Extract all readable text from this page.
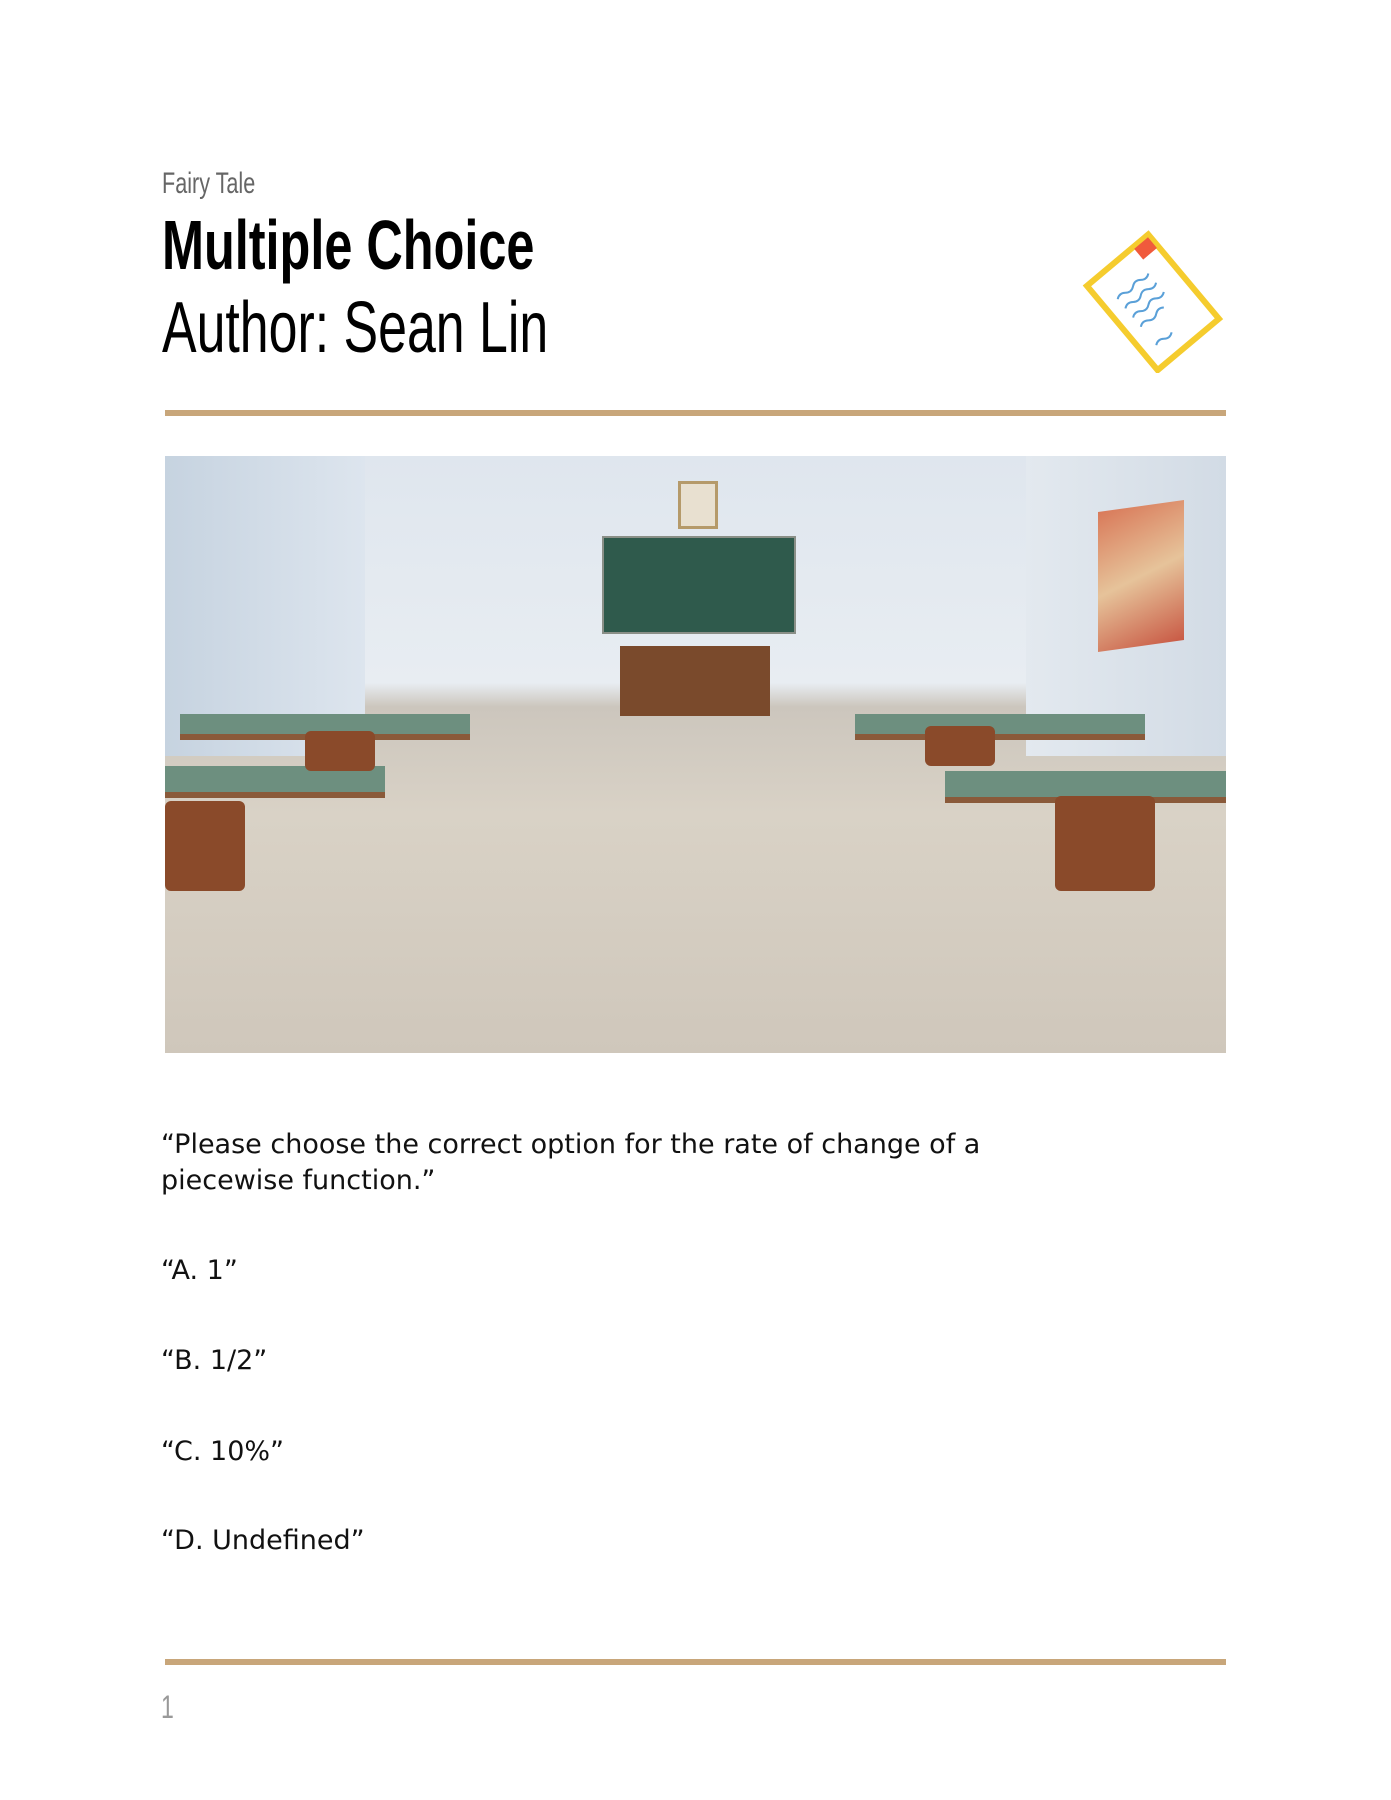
Fairy Tale
Multiple Choice
Author: Sean Lin
“Please choose the correct option for the rate of change of a piecewise function.”
“A. 1”
“B. 1/2”
“C. 10%”
“D. Undefined”
1
